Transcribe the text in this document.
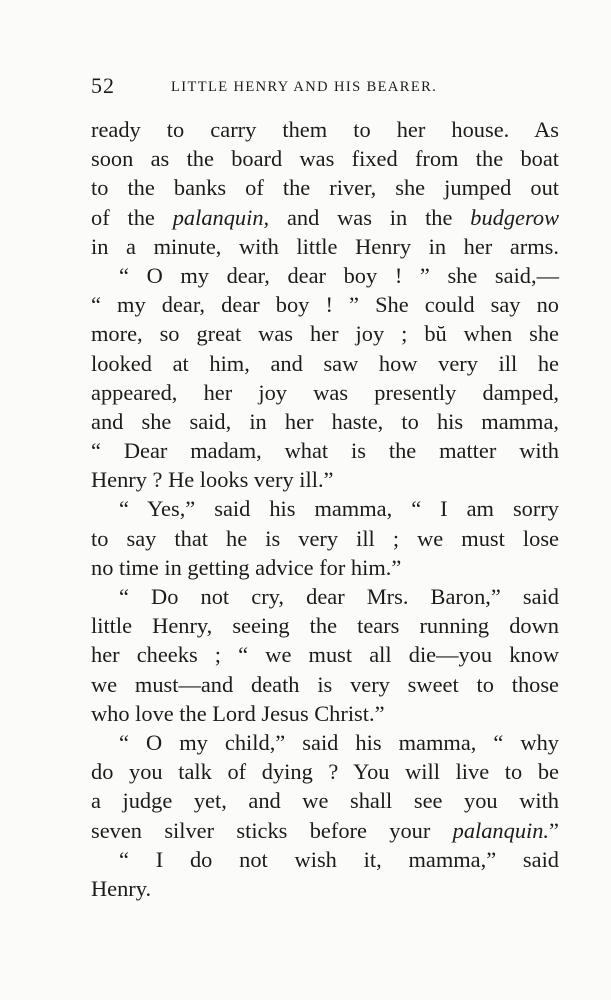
52	LITTLE HENRY AND HIS BEARER.
ready to carry them to her house. As
soon as the board was fixed from the boat
to the banks of the river, she jumped out
of the palanquin, and was in the budgerow
in a minute, with little Henry in her arms.
“ O my dear, dear boy ! ” she said,—
“ my dear, dear boy ! ” She could say no
more, so great was her joy ; bŭ when she
looked at him, and saw how very ill he
appeared, her joy was presently damped,
and she said, in her haste, to his mamma,
“ Dear madam, what is the matter with
Henry ? He looks very ill.”
“ Yes,” said his mamma, “ I am sorry
to say that he is very ill ; we must lose
no time in getting advice for him.”
“ Do not cry, dear Mrs. Baron,” said
little Henry, seeing the tears running down
her cheeks ; “ we must all die—you know
we must—and death is very sweet to those
who love the Lord Jesus Christ.”
“ O my child,” said his mamma, “ why
do you talk of dying ? You will live to be
a judge yet, and we shall see you with
seven silver sticks before your palanquin.”
“ I do not wish it, mamma,” said
Henry.
